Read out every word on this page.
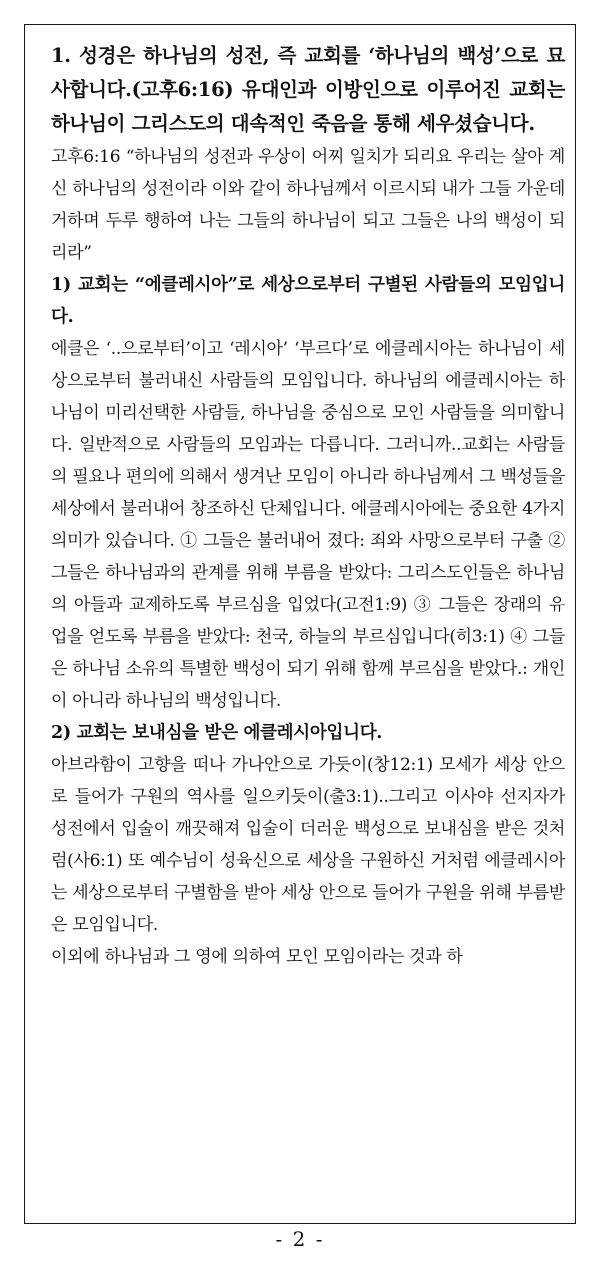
1. 성경은 하나님의 성전, 즉 교회를 ‘하나님의 백성’으로 묘사합니다.(고후6:16) 유대인과 이방인으로 이루어진 교회는 하나님이 그리스도의 대속적인 죽음을 통해 세우셨습니다.

고후6:16 “하나님의 성전과 우상이 어찌 일치가 되리요 우리는 살아 계신 하나님의 성전이라 이와 같이 하나님께서 이르시되 내가 그들 가운데 거하며 두루 행하여 나는 그들의 하나님이 되고 그들은 나의 백성이 되리라”

1) 교회는 “에클레시아”로 세상으로부터 구별된 사람들의 모임입니다.

에클은 ‘..으로부터’이고 ‘레시아’ ‘부르다’로 에클레시아는 하나님이 세상으로부터 불러내신 사람들의 모임입니다. 하나님의 에클레시아는 하나님이 미리선택한 사람들, 하나님을 중심으로 모인 사람들을 의미합니다. 일반적으로 사람들의 모임과는 다릅니다. 그러니까..교회는 사람들의 필요나 편의에 의해서 생겨난 모임이 아니라 하나님께서 그 백성들을 세상에서 불러내어 창조하신 단체입니다. 에클레시아에는 중요한 4가지 의미가 있습니다. ① 그들은 불러내어 졌다: 죄와 사망으로부터 구출 ② 그들은 하나님과의 관계를 위해 부름을 받았다: 그리스도인들은 하나님의 아들과 교제하도록 부르심을 입었다(고전1:9) ③ 그들은 장래의 유업을 얻도록 부름을 받았다: 천국, 하늘의 부르심입니다(히3:1) ④ 그들은 하나님 소유의 특별한 백성이 되기 위해 함께 부르심을 받았다.: 개인이 아니라 하나님의 백성입니다.

2) 교회는 보내심을 받은 에클레시아입니다.

아브라함이 고향을 떠나 가나안으로 가듯이(창12:1) 모세가 세상 안으로 들어가 구원의 역사를 일으키듯이(출3:1)..그리고 이사야 선지자가 성전에서 입술이 깨끗해져 입술이 더러운 백성으로 보내심을 받은 것처럼(사6:1) 또 예수님이 성육신으로 세상을 구원하신 거처럼 에클레시아는 세상으로부터 구별함을 받아 세상 안으로 들어가 구원을 위해 부름받은 모임입니다.

이외에 하나님과 그 영에 의하여 모인 모임이라는 것과 하

- 2 -
